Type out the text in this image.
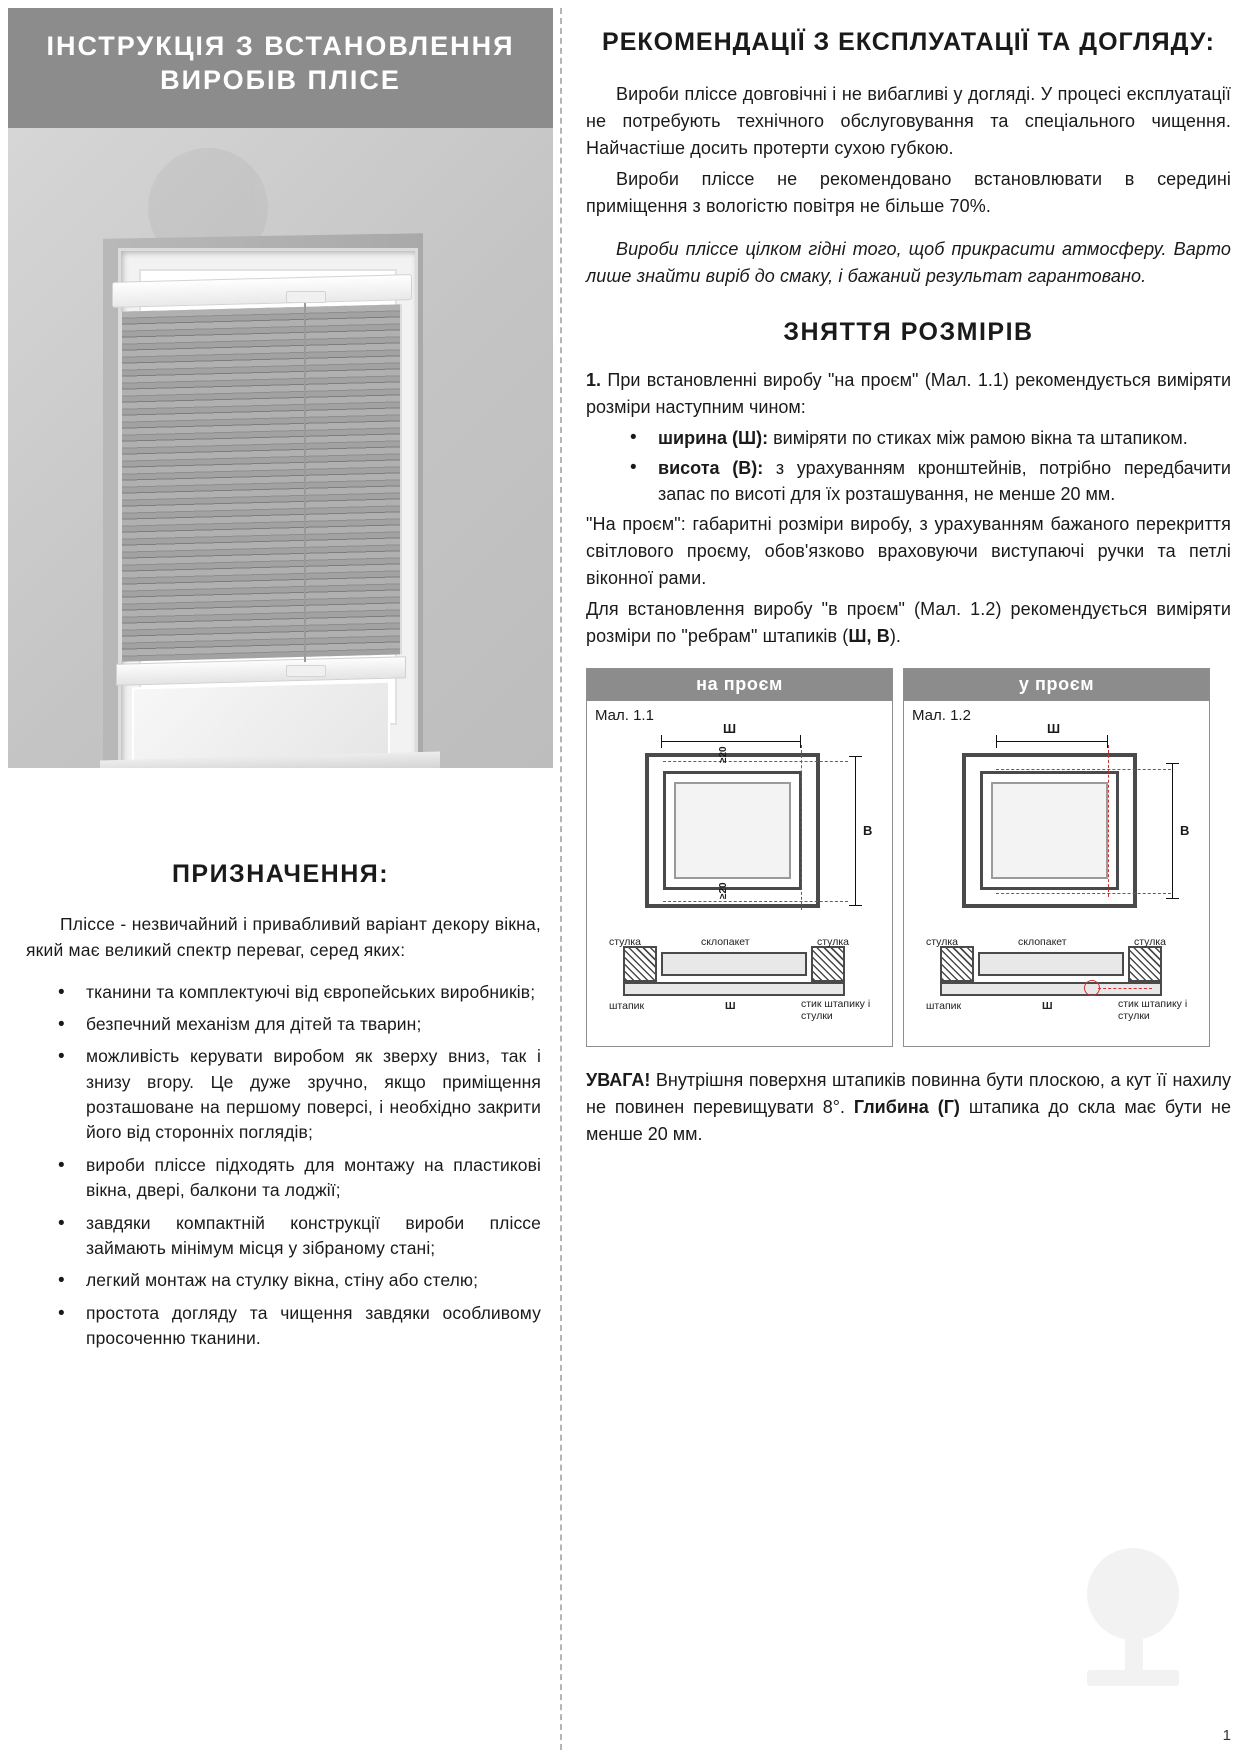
ІНСТРУКЦІЯ З ВСТАНОВЛЕННЯ
ВИРОБІВ ПЛІСЕ
ПРИЗНАЧЕННЯ:
Пліссе - незвичайний і привабливий варіант декору вікна, який має великий спектр переваг, серед яких:
• тканини та комплектуючі від європейських виробників;
• безпечний механізм для дітей та тварин;
• можливість керувати виробом як зверху вниз, так і знизу вгору. Це дуже зручно, якщо приміщення розташоване на першому поверсі, і необхідно закрити його від сторонніх поглядів;
• вироби пліссе підходять для монтажу на пластикові вікна, двері, балкони та лоджії;
• завдяки компактній конструкції вироби пліссе займають мінімум місця у зібраному стані;
• легкий монтаж на стулку вікна, стіну або стелю;
• простота догляду та чищення завдяки особливому просоченню тканини.
РЕКОМЕНДАЦІЇ З ЕКСПЛУАТАЦІЇ ТА ДОГЛЯДУ:
Вироби пліссе довговічні і не вибагливі у догляді. У процесі експлуатації не потребують технічного обслуговування та спеціального чищення. Найчастіше досить протерти сухою губкою.
Вироби пліссе не рекомендовано встановлювати в середині приміщення з вологістю повітря не більше 70%.
Вироби пліссе цілком гідні того, щоб прикрасити атмосферу. Варто лише знайти виріб до смаку, і бажаний результат гарантовано.
ЗНЯТТЯ РОЗМІРІВ
1. При встановленні виробу "на проєм" (Мал. 1.1) рекомендується виміряти розміри наступним чином:
• ширина (Ш): виміряти по стиках між рамою вікна та штапиком.
• висота (В): з урахуванням кронштейнів, потрібно передбачити запас по висоті для їх розташування, не менше 20 мм.
"На проєм": габаритні розміри виробу, з урахуванням бажаного перекриття світлового проєму, обов'язково враховуючи виступаючі ручки та петлі віконної рами.
Для встановлення виробу "в проєм" (Мал. 1.2) рекомендується виміряти розміри по "ребрам" штапиків (Ш, В).
на проєм
Мал. 1.1
Ш
В
≥20
≥20
стулка	склопакет	стулка
штапик	Ш	стик штапику і стулки
у проєм
Мал. 1.2
Ш
В
стулка	склопакет	стулка
штапик	Ш	стик штапику і стулки
УВАГА! Внутрішня поверхня штапиків повинна бути плоскою, а кут її нахилу не повинен перевищувати 8°. Глибина (Г) штапика до скла має бути не менше 20 мм.
1
